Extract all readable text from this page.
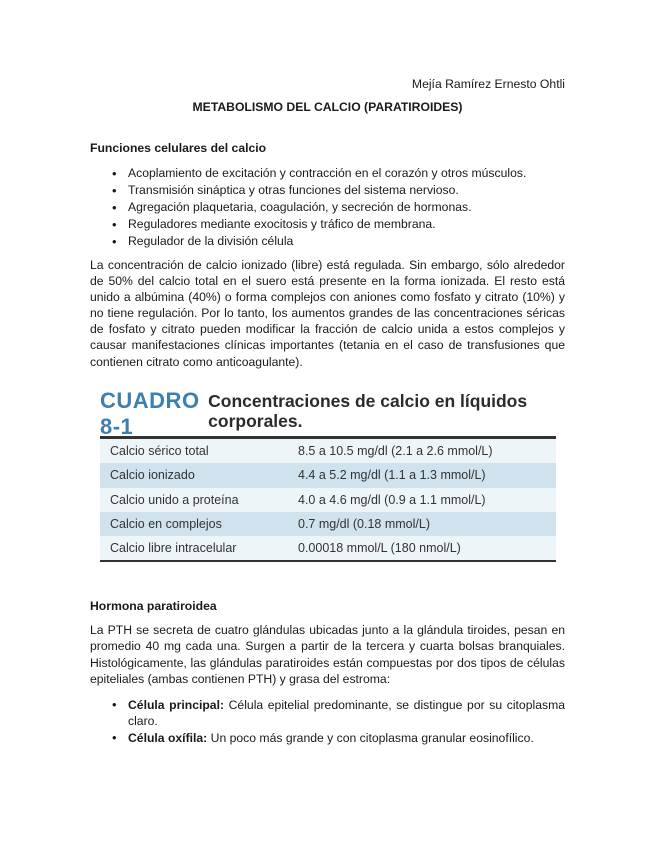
Mejía Ramírez Ernesto Ohtli
METABOLISMO DEL CALCIO (PARATIROIDES)
Funciones celulares del calcio
• Acoplamiento de excitación y contracción en el corazón y otros músculos.
• Transmisión sináptica y otras funciones del sistema nervioso.
• Agregación plaquetaria, coagulación, y secreción de hormonas.
• Reguladores mediante exocitosis y tráfico de membrana.
• Regulador de la división célula

La concentración de calcio ionizado (libre) está regulada. Sin embargo, sólo alrededor de 50% del calcio total en el suero está presente en la forma ionizada. El resto está unido a albúmina (40%) o forma complejos con aniones como fosfato y citrato (10%) y no tiene regulación. Por lo tanto, los aumentos grandes de las concentraciones séricas de fosfato y citrato pueden modificar la fracción de calcio unida a estos complejos y causar manifestaciones clínicas importantes (tetania en el caso de transfusiones que contienen citrato como anticoagulante).

Hormona paratiroidea

La PTH se secreta de cuatro glándulas ubicadas junto a la glándula tiroides, pesan en promedio 40 mg cada una. Surgen a partir de la tercera y cuarta bolsas branquiales. Histológicamente, las glándulas paratiroides están compuestas por dos tipos de células epiteliales (ambas contienen PTH) y grasa del estroma:

• Célula principal: Célula epitelial predominante, se distingue por su citoplasma claro.
• Célula oxífila: Un poco más grande y con citoplasma granular eosinofílico.
CUADRO 8-1
Concentraciones de calcio en líquidos corporales.
Calcio sérico total	8.5 a 10.5 mg/dl (2.1 a 2.6 mmol/L)
Calcio ionizado	4.4 a 5.2 mg/dl (1.1 a 1.3 mmol/L)
Calcio unido a proteína	4.0 a 4.6 mg/dl (0.9 a 1.1 mmol/L)
Calcio en complejos	0.7 mg/dl (0.18 mmol/L)
Calcio libre intracelular	0.00018 mmol/L (180 nmol/L)
